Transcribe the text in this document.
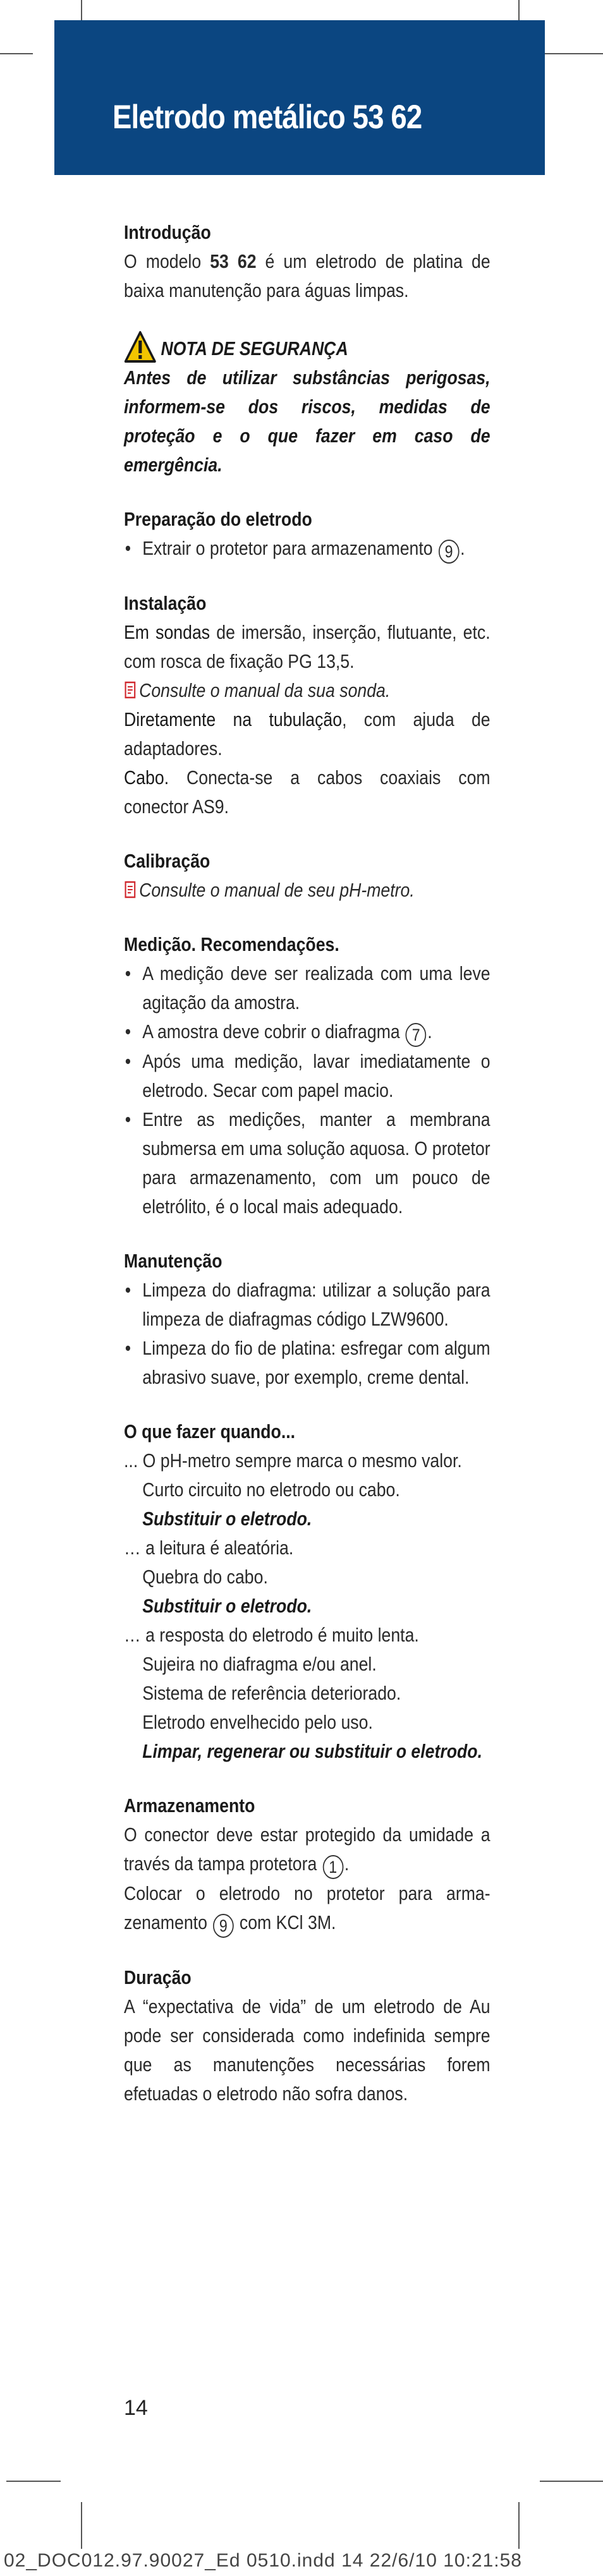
Eletrodo metálico 53 62

Introdução

O modelo 53 62 é um eletrodo de platina de baixa manutenção para águas limpas.

NOTA DE SEGURANÇA

Antes de utilizar substâncias perigosas, informem-se dos riscos, medidas de proteção e o que fazer em caso de emergência.

Preparação do eletrodo

• Extrair o protetor para armazenamento 9 .

Instalação

Em sondas de imersão, inserção, flutuante, etc. com rosca de fixação PG 13,5.

Consulte o manual da sua sonda.

Diretamente na tubulação, com ajuda de adaptadores.

Cabo. Conecta-se a cabos coaxiais com conector AS9.

Calibração

Consulte o manual de seu pH-metro.

Medição. Recomendações.

• A medição deve ser realizada com uma leve agitação da amostra.
• A amostra deve cobrir o diafragma 7 .
• Após uma medição, lavar imediatamente o eletrodo. Secar com papel macio.
• Entre as medições, manter a membrana submersa em uma solução aquosa. O protetor para armazenamento, com um pouco de eletrólito, é o local mais adequado.

Manutenção

• Limpeza do diafragma: utilizar a solução para limpeza de diafragmas código LZW9600.
• Limpeza do fio de platina: esfregar com algum abrasivo suave, por exemplo, creme dental.

O que fazer quando...

... O pH-metro sempre marca o mesmo valor.

Curto circuito no eletrodo ou cabo.

Substituir o eletrodo.

… a leitura é aleatória.

Quebra do cabo.

Substituir o eletrodo.

… a resposta do eletrodo é muito lenta.

Sujeira no diafragma e/ou anel.

Sistema de referência deteriorado.

Eletrodo envelhecido pelo uso.

Limpar, regenerar ou substituir o eletrodo.

Armazenamento

O conector deve estar protegido da umidade a través da tampa protetora 1 .

Colocar o eletrodo no protetor para armazenamento 9 com KCl 3M.

Duração

A “expectativa de vida” de um eletrodo de Au pode ser considerada como indefinida sempre que as manutenções necessárias forem efetuadas o eletrodo não sofra danos.

14
02_DOC012.97.90027_Ed 0510.indd 14 22/6/10 10:21:58
